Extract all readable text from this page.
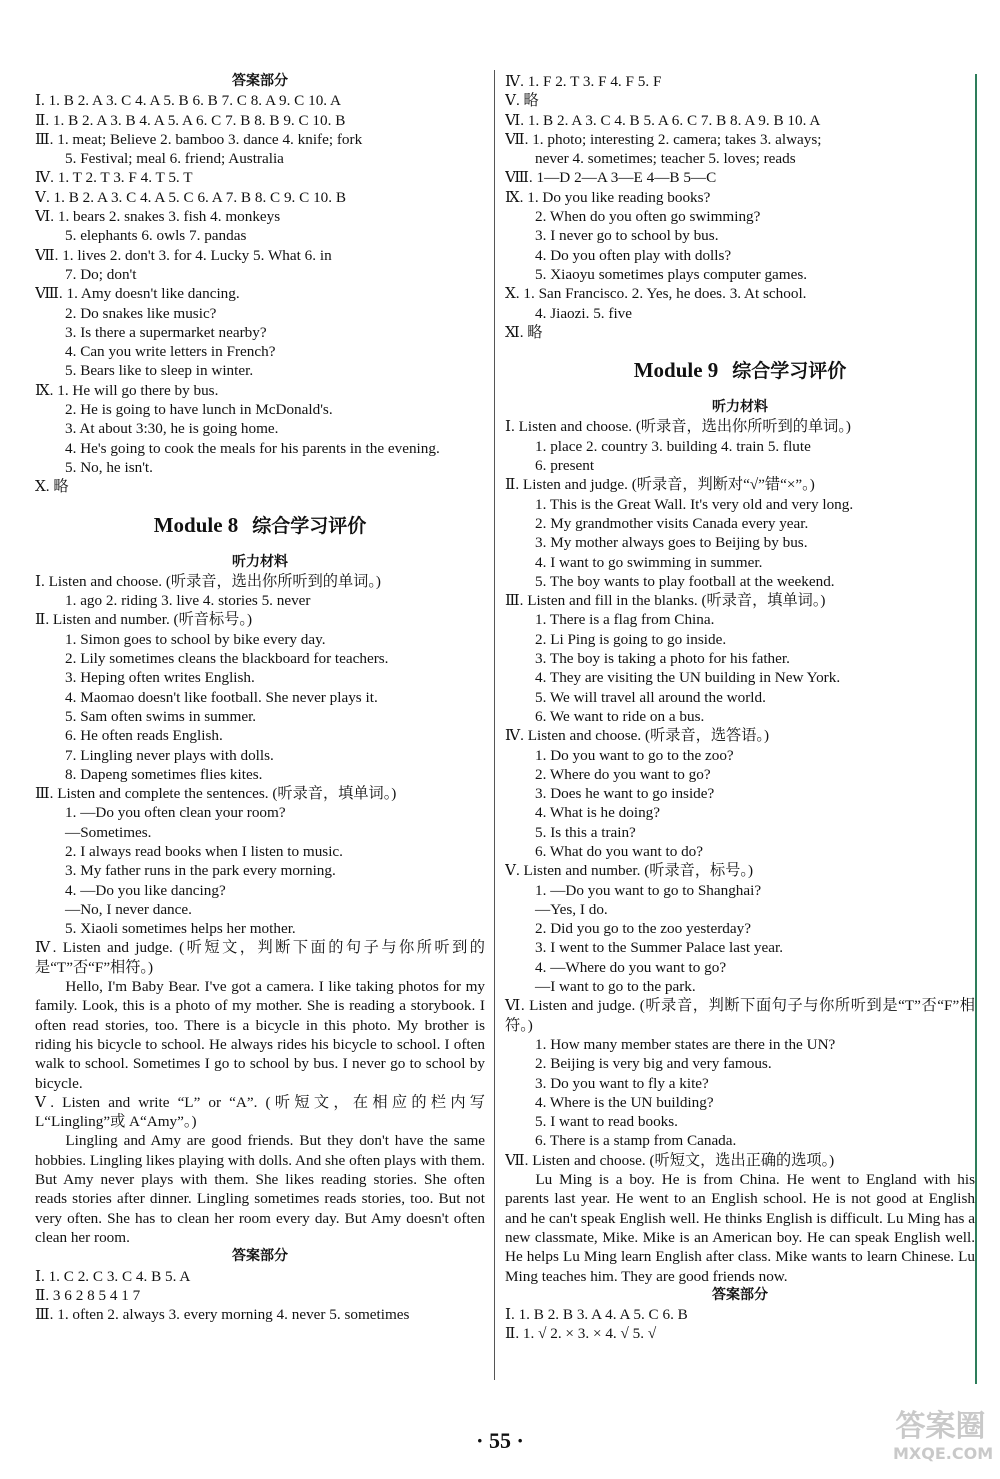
答案部分
Ⅰ. 1. B 2. A 3. C 4. A 5. B 6. B 7. C 8. A 9. C 10. A
Ⅱ. 1. B 2. A 3. B 4. A 5. A 6. C 7. B 8. B 9. C 10. B
Ⅲ. 1. meat; Believe 2. bamboo 3. dance 4. knife; fork
5. Festival; meal 6. friend; Australia
Ⅳ. 1. T 2. T 3. F 4. T 5. T
Ⅴ. 1. B 2. A 3. C 4. A 5. C 6. A 7. B 8. C 9. C 10. B
Ⅵ. 1. bears 2. snakes 3. fish 4. monkeys
5. elephants 6. owls 7. pandas
Ⅶ. 1. lives 2. don't 3. for 4. Lucky 5. What 6. in
7. Do; don't
Ⅷ. 1. Amy doesn't like dancing.
2. Do snakes like music?
3. Is there a supermarket nearby?
4. Can you write letters in French?
5. Bears like to sleep in winter.
Ⅸ. 1. He will go there by bus.
2. He is going to have lunch in McDonald's.
3. At about 3:30, he is going home.
4. He's going to cook the meals for his parents in the evening.
5. No, he isn't.
Ⅹ. 略
Module 8 综合学习评价
听力材料
Ⅰ. Listen and choose. (听录音，选出你所听到的单词。)
1. ago 2. riding 3. live 4. stories 5. never
Ⅱ. Listen and number. (听音标号。)
1. Simon goes to school by bike every day.
2. Lily sometimes cleans the blackboard for teachers.
3. Heping often writes English.
4. Maomao doesn't like football. She never plays it.
5. Sam often swims in summer.
6. He often reads English.
7. Lingling never plays with dolls.
8. Dapeng sometimes flies kites.
Ⅲ. Listen and complete the sentences. (听录音，填单词。)
1. —Do you often clean your room?
—Sometimes.
2. I always read books when I listen to music.
3. My father runs in the park every morning.
4. —Do you like dancing?
—No, I never dance.
5. Xiaoli sometimes helps her mother.
Ⅳ. Listen and judge. (听短文，判断下面的句子与你所听到的是“T”否“F”相符。)
Hello, I'm Baby Bear. I've got a camera. I like taking photos for my family. Look, this is a photo of my mother. She is reading a storybook. I often read stories, too. There is a bicycle in this photo. My brother is riding his bicycle to school. He always rides his bicycle to school. I often walk to school. Sometimes I go to school by bus. I never go to school by bicycle.
Ⅴ. Listen and write “L” or “A”. (听短文，在相应的栏内写 L“Lingling”或 A“Amy”。)
Lingling and Amy are good friends. But they don't have the same hobbies. Lingling likes playing with dolls. And she often plays with them. But Amy never plays with them. She likes reading stories. She often reads stories after dinner. Lingling sometimes reads stories, too. But not very often. She has to clean her room every day. But Amy doesn't often clean her room.
答案部分
Ⅰ. 1. C 2. C 3. C 4. B 5. A
Ⅱ. 3 6 2 8 5 4 1 7
Ⅲ. 1. often 2. always 3. every morning 4. never 5. sometimes
Ⅳ. 1. F 2. T 3. F 4. F 5. F
Ⅴ. 略
Ⅵ. 1. B 2. A 3. C 4. B 5. A 6. C 7. B 8. A 9. B 10. A
Ⅶ. 1. photo; interesting 2. camera; takes 3. always;
never 4. sometimes; teacher 5. loves; reads
Ⅷ. 1—D 2—A 3—E 4—B 5—C
Ⅸ. 1. Do you like reading books?
2. When do you often go swimming?
3. I never go to school by bus.
4. Do you often play with dolls?
5. Xiaoyu sometimes plays computer games.
Ⅹ. 1. San Francisco. 2. Yes, he does. 3. At school.
4. Jiaozi. 5. five
Ⅺ. 略
Module 9 综合学习评价
听力材料
Ⅰ. Listen and choose. (听录音，选出你所听到的单词。)
1. place 2. country 3. building 4. train 5. flute
6. present
Ⅱ. Listen and judge. (听录音，判断对“√”错“×”。)
1. This is the Great Wall. It's very old and very long.
2. My grandmother visits Canada every year.
3. My mother always goes to Beijing by bus.
4. I want to go swimming in summer.
5. The boy wants to play football at the weekend.
Ⅲ. Listen and fill in the blanks. (听录音，填单词。)
1. There is a flag from China.
2. Li Ping is going to go inside.
3. The boy is taking a photo for his father.
4. They are visiting the UN building in New York.
5. We will travel all around the world.
6. We want to ride on a bus.
Ⅳ. Listen and choose. (听录音，选答语。)
1. Do you want to go to the zoo?
2. Where do you want to go?
3. Does he want to go inside?
4. What is he doing?
5. Is this a train?
6. What do you want to do?
Ⅴ. Listen and number. (听录音，标号。)
1. —Do you want to go to Shanghai?
—Yes, I do.
2. Did you go to the zoo yesterday?
3. I went to the Summer Palace last year.
4. —Where do you want to go?
—I want to go to the park.
Ⅵ. Listen and judge. (听录音，判断下面句子与你所听到是“T”否“F”相符。)
1. How many member states are there in the UN?
2. Beijing is very big and very famous.
3. Do you want to fly a kite?
4. Where is the UN building?
5. I want to read books.
6. There is a stamp from Canada.
Ⅶ. Listen and choose. (听短文，选出正确的选项。)
Lu Ming is a boy. He is from China. He went to England with his parents last year. He went to an English school. He is not good at English and he can't speak English well. He thinks English is difficult. Lu Ming has a new classmate, Mike. Mike is an American boy. He can speak English well. He helps Lu Ming learn English after class. Mike wants to learn Chinese. Lu Ming teaches him. They are good friends now.
答案部分
Ⅰ. 1. B 2. B 3. A 4. A 5. C 6. B
Ⅱ. 1. √ 2. × 3. × 4. √ 5. √
· 55 ·	答案圈
MXQE.COM
